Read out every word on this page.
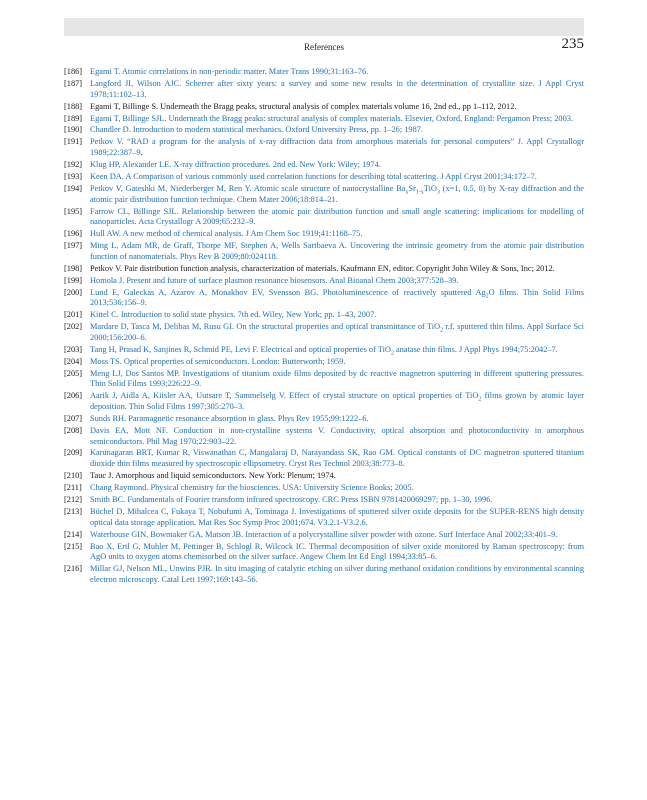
References	235
[186] Egami T. Atomic correlations in non-periodic matter. Mater Trans 1990;31:163–76.
[187] Langford JI, Wilson AJC. Scherrer after sixty years: a survey and some new results in the determination of crystallite size. J Appl Cryst 1978;11:102–13.
[188] Egami T, Billinge S. Underneath the Bragg peaks, structural analysis of complex materials volume 16, 2nd ed., pp 1–112, 2012.
[189] Egami T, Billinge SJL. Underneath the Bragg peaks: structural analysis of complex materials. Elsevier, Oxford, England: Pergamon Press; 2003.
[190] Chandler D. Introduction to modern statistical mechanics. Oxford University Press, pp. 1–26; 1987.
[191] Petkov V. “RAD a program for the analysis of x-ray diffraction data from amorphous materials for personal computers” J. Appl Crystallogr 1989;22:387–9.
[192] Klug HP, Alexander LE. X-ray diffraction procedures. 2nd ed. New York: Wiley; 1974.
[193] Keen DA. A Comparison of various commonly used correlation functions for describing total scattering. J Appl Cryst 2001;34:172–7.
[194] Petkov V, Gateshki M, Niederberger M, Ren Y. Atomic scale structure of nanocrystalline $Ba_xSr_{1-x}TiO_3$ (x=1, 0.5, 0) by X-ray diffraction and the atomic pair distribution function technique. Chem Mater 2006;18:814–21.
[195] Farrow CL, Billinge SJL. Relationship between the atomic pair distribution function and small angle scattering: implications for modelling of nanoparticles. Acta Crystallogr A 2009;65:232–9.
[196] Hull AW. A new method of chemical analysis. J Am Chem Soc 1919;41:1168–75.
[197] Ming L, Adam MR, de Graff, Thorpe MF, Stephen A, Wells Sartbaeva A. Uncovering the intrinsic geometry from the atomic pair distribution function of nanomaterials. Phys Rev B 2009;80:024118.
[198] Petkov V. Pair distribution function analysis, characterization of materials. Kaufmann EN, editor. Copyright John Wiley & Sons, Inc; 2012.
[199] Homola J. Present and future of surface plasmon resonance biosensors. Anal Bioanal Chem 2003;377:528–39.
[200] Lund E, Galeckas A, Azarov A, Monakhov EV, Svensson BG. Photoluminescence of reactively sputtered $Ag_2O$ films. Thin Solid Films 2013;536:156–9.
[201] Kittel C. Introduction to solid state physics. 7th ed. Wiley, New York; pp. 1–43, 2007.
[202] Mardare D, Tasca M, Delibas M, Rusu GI. On the structural properties and optical transmittance of TiO$_2$ r.f. sputtered thin films. Appl Surface Sci 2000;156:200–6.
[203] Tang H, Prasad K, Sanjines R, Schmid PE, Levi F. Electrical and optical properties of TiO$_2$ anatase thin films. J Appl Phys 1994;75:2042–7.
[204] Moss TS. Optical properties of semiconductors. London: Butterworth; 1959.
[205] Meng LJ, Dos Santos MP. Investigations of titanium oxide films deposited by dc reactive magnetron sputtering in different sputtering pressures. Thin Solid Films 1993;226:22–9.
[206] Aarik J, Aidla A, Kiisler AA, Uutsare T, Sammelselg V. Effect of crystal structure on optical properties of TiO$_2$ films grown by atomic layer deposition. Thin Solid Films 1997;305:270–3.
[207] Sunds RH. Paramagnetic resonance absorption in glass. Phys Rev 1955;99:1222–6.
[208] Davis EA, Mott NF. Conduction in non-crystalline systems V. Conductivity, optical absorption and photoconductivity in amorphous semiconductors. Phil Mag 1970;22:903–22.
[209] Karunagaran BRT, Kumar R, Viswanathan C, Mangalaraj D, Narayandass SK, Rao GM. Optical constants of DC magnetron sputtered titanium dioxide thin films measured by spectroscopic ellipsometry. Cryst Res Technol 2003;38:773–8.
[210] Tauc J. Amorphous and liquid semiconductors. New York: Plenum; 1974.
[211] Chang Raymond. Physical chemistry for the biosciences. USA: University Science Books; 2005.
[212] Smith BC. Fundamentals of Fourier transform infrared spectroscopy. CRC Press ISBN 9781420069297; pp. 1–30, 1996.
[213] Büchel D, Mihalcea C, Fukaya T, Nobufumi A, Tominaga J. Investigations of sputtered silver oxide deposits for the SUPER-RENS high density optical data storage application. Mat Res Soc Symp Proc 2001;674. V3.2.1-V3.2.6.
[214] Waterhouse GIN, Bowmaker GA, Matson JB. Interaction of a polycrystalline silver powder with ozone. Surf Interface Anal 2002;33:401–9.
[215] Bao X, Ertl G, Muhler M, Pettinger B, Schlogl R, Wilcock IC. Thermal decomposition of silver oxide monitored by Raman spectroscopy: from AgO units to oxygen atoms chemisorbed on the silver surface. Angew Chem Int Ed Engl 1994;33:85–6.
[216] Millar GJ, Nelson ML, Unwins PJR. In situ imaging of catalytic etching on silver during methanol oxidation conditions by environmental scanning electron microscopy. Catal Lett 1997;169:143–56.
